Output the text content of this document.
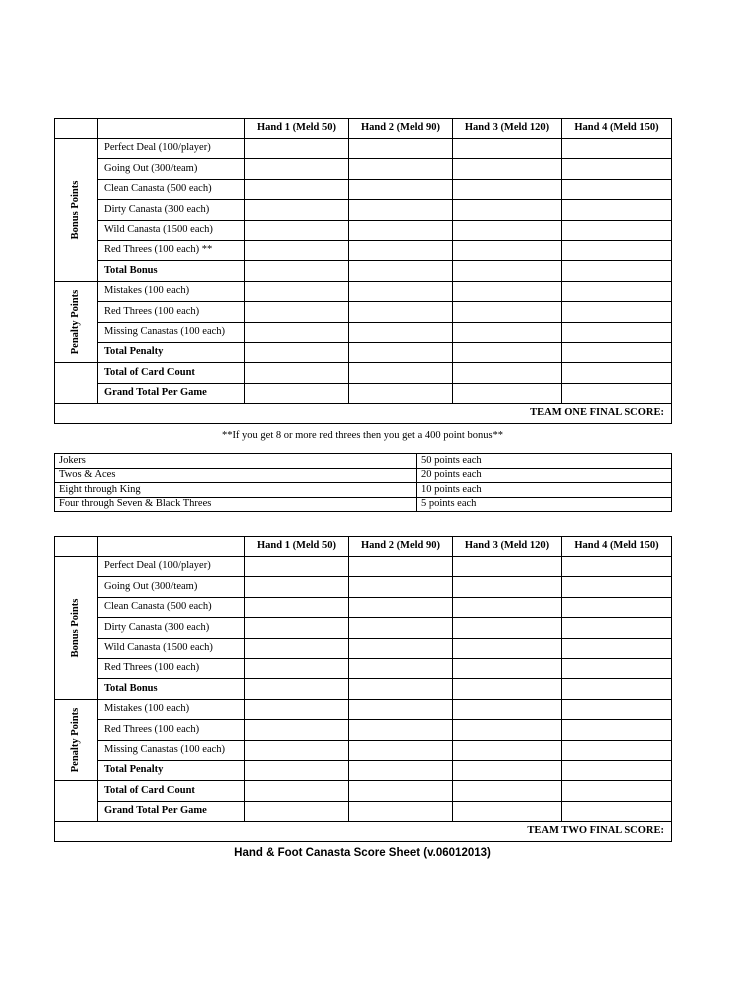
		Hand 1 (Meld 50)	Hand 2 (Meld 90)	Hand 3 (Meld 120)	Hand 4 (Meld 150)

Bonus Points	Perfect Deal (100/player)				
	Going Out (300/team)				
	Clean Canasta (500 each)				
	Dirty Canasta (300 each)				
	Wild Canasta (1500 each)				
	Red Threes (100 each) **				
	Total Bonus				

Penalty Points	Mistakes (100 each)				
	Red Threes (100 each)				
	Missing Canastas (100 each)				
	Total Penalty				
	Total of Card Count				
	Grand Total Per Game				
TEAM ONE FINAL SCORE:					
**If you get 8 or more red threes then you get a 400 point bonus**
Jokers	50 points each
Twos & Aces	20 points each
Eight through King	10 points each
Four through Seven & Black Threes	5 points each
		Hand 1 (Meld 50)	Hand 2 (Meld 90)	Hand 3 (Meld 120)	Hand 4 (Meld 150)

Bonus Points	Perfect Deal (100/player)				
	Going Out (300/team)				
	Clean Canasta (500 each)				
	Dirty Canasta (300 each)				
	Wild Canasta (1500 each)				
	Red Threes (100 each)				
	Total Bonus				

Penalty Points	Mistakes (100 each)				
	Red Threes (100 each)				
	Missing Canastas (100 each)				
	Total Penalty				
	Total of Card Count				
	Grand Total Per Game				
TEAM TWO FINAL SCORE:					
Hand & Foot Canasta Score Sheet (v.06012013)
